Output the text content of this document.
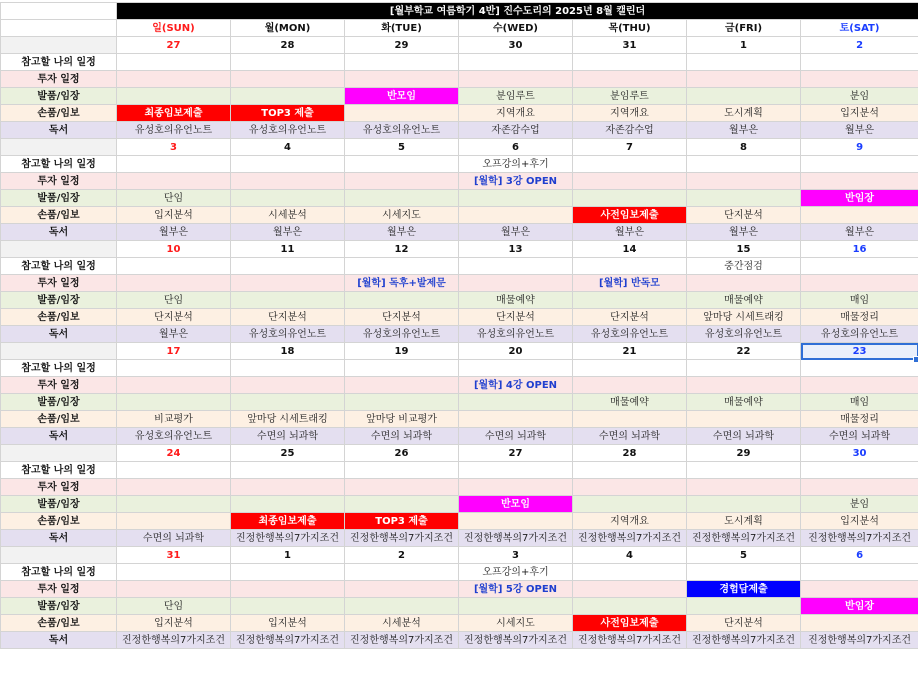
	[월부학교 여름학기 4반] 진수도리의 2025년 8월 캘린더						
	일(SUN)	월(MON)	화(TUE)	수(WED)	목(THU)	금(FRI)	토(SAT)
	27	28	29	30	31	1	2
참고할 나의 일정							
투자 일정							
발품/임장			반모임	분임루트	분임루트		분임
손품/임보	최종임보제출	TOP3 제출		지역개요	지역개요	도시계획	입지분석
독서	유성호의유언노트	유성호의유언노트	유성호의유언노트	자존감수업	자존감수업	월부은	월부은
	3	4	5	6	7	8	9
참고할 나의 일정				오프강의+후기			
투자 일정				[월학] 3강 OPEN			
발품/임장	단임						반임장
손품/임보	입지분석	시세분석	시세지도		사전임보제출	단지분석	
독서	월부은	월부은	월부은	월부은	월부은	월부은	월부은
	10	11	12	13	14	15	16
참고할 나의 일정						중간점검	
투자 일정			[월학] 독후+발제문		[월학] 반독모		
발품/임장	단임			매물예약		매물예약	매임
손품/임보	단지분석	단지분석	단지분석	단지분석	단지분석	앞마당 시세트래킹	매물정리
독서	월부은	유성호의유언노트	유성호의유언노트	유성호의유언노트	유성호의유언노트	유성호의유언노트	유성호의유언노트
	17	18	19	20	21	22	23
참고할 나의 일정							
투자 일정				[월학] 4강 OPEN			
발품/임장					매물예약	매물예약	매임
손품/임보	비교평가	앞마당 시세트래킹	앞마당 비교평가				매물정리
독서	유성호의유언노트	수면의 뇌과학	수면의 뇌과학	수면의 뇌과학	수면의 뇌과학	수면의 뇌과학	수면의 뇌과학
	24	25	26	27	28	29	30
참고할 나의 일정							
투자 일정							
발품/임장				반모임			분임
손품/임보		최종임보제출	TOP3 제출		지역개요	도시계획	입지분석
독서	수면의 뇌과학	진정한행복의7가지조건	진정한행복의7가지조건	진정한행복의7가지조건	진정한행복의7가지조건	진정한행복의7가지조건	진정한행복의7가지조건
	31	1	2	3	4	5	6
참고할 나의 일정				오프강의+후기			
투자 일정				[월학] 5강 OPEN		경험담제출	
발품/임장	단임						반임장
손품/임보	입지분석	입지분석	시세분석	시세지도	사전임보제출	단지분석	
독서	진정한행복의7가지조건	진정한행복의7가지조건	진정한행복의7가지조건	진정한행복의7가지조건	진정한행복의7가지조건	진정한행복의7가지조건	진정한행복의7가지조건
